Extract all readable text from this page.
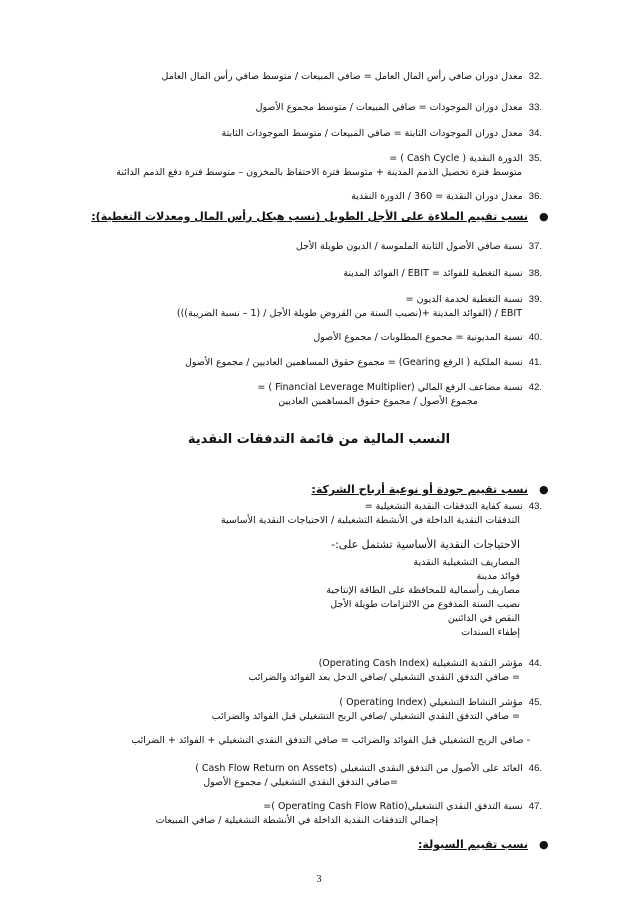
.32  معدل دوران صافي رأس المال العامل = صافي المبيعات / متوسط صافي رأس المال العامل
.33  معدل دوران الموجودات = صافي المبيعات / متوسط مجموع الأصول
.34  معدل دوران الموجودات الثابتة = صافي المبيعات / متوسط الموجودات الثابتة
.35  الدورة النقدية ( Cash Cycle ) =
متوسط فترة تحصيل الذمم المدينة + متوسط فترة الاحتفاظ بالمخزون – متوسط فترة دفع الذمم الدائنة
.36  معدل دوران النقدية = 360 / الدورة النقدية
●
نسب تقييم الملاءة على الأجل الطويل (نسب هيكل رأس المال ومعدلات التغطية):
.37  نسبة صافي الأصول الثابتة الملموسة / الديون طويلة الأجل
.38  نسبة التغطية للفوائد = EBIT / الفوائد المدينة
.39  نسبة التغطية لخدمة الديون =
EBIT / (الفوائد المدينة +(نصيب السنة من القروض طويلة الأجل / (1 – نسبة الضريبة)))
.40  نسبة المديونية = مجموع المطلوبات / مجموع الأصول
.41  نسبة الملكية ( الرفع Gearing) = مجموع حقوق المساهمين العاديين / مجموع الأصول
.42  نسبة مضاعف الرفع المالي (Financial Leverage Multiplier ) =
مجموع الأصول / مجموع حقوق المساهمين العاديين
النسب المالية من قائمة التدفقات النقدية
●
نسب تقييم جودة أو نوعية أرباح الشركة:
.43  نسبة كفاية التدفقات النقدية التشغيلية =
التدفقات النقدية الداخلة في الأنشطة التشغيلية / الاحتياجات النقدية الأساسية
الاحتياجات النقدية الأساسية تشتمل على:-
المصاريف التشغيلية النقدية
فوائد مدينة
مصاريف رأسمالية للمحافظة على الطاقة الإنتاجية
نصيب السنة المدفوع من الالتزامات طويلة الأجل
النقص في الدائنين
إطفاء السندات
.44  مؤشر النقدية التشغيلية (Operating Cash Index)
= صافي التدفق النقدي التشغيلي /صافي الدخل بعد الفوائد والضرائب
.45  مؤشر النشاط التشغيلي (Operating Index )
= صافي التدفق النقدي التشغيلي /صافي الربح التشغيلي قبل الفوائد والضرائب
- صافي الربح التشغيلي قبل الفوائد والضرائب = صافي التدفق النقدي التشغيلي + الفوائد + الضرائب
.46  العائد على الأصول من التدفق النقدي التشغيلي (Cash Flow Return on Assets )
=صافي التدفق النقدي التشغيلي / مجموع الأصول
.47  نسبة التدفق النقدي التشغيلي(Operating Cash Flow Ratio )=
إجمالي التدفقات النقدية الداخلة في الأنشطة التشغيلية / صافي المبيعات
●
نسب تقييم السيولة:
3
